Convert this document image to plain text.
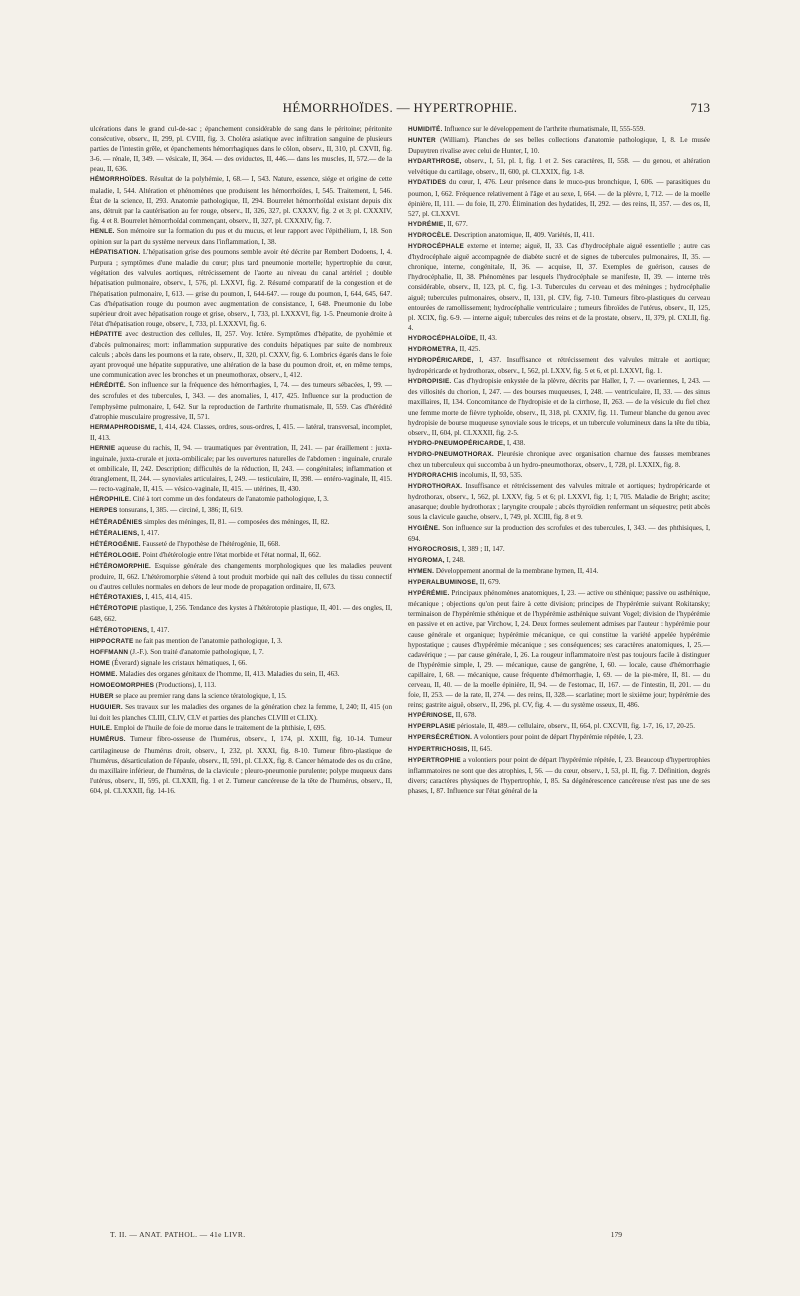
HÉMORRHOÏDES. — HYPERTROPHIE.	713

ulcérations dans le grand cul-de-sac ; épanchement considérable de sang dans le péritoine; péritonite consécutive, observ., II, 299, pl. CVIII, fig. 3. Choléra asiatique avec infiltration sanguine de plusieurs parties de l'intestin grêle, et épanchements hémorrhagiques dans le côlon, observ., II, 310, pl. CXVII, fig. 3-6. — rénale, II, 349. — vésicale, II, 364. — des oviductes, II, 446.— dans les muscles, II, 572.— de la peau, II, 636.

HÉMORRHOÏDES. Résultat de la polyhémie, I, 68.— I, 543. Nature, essence, siége et origine de cette maladie, I, 544. Altération et phénomènes que produisent les hémorrhoïdes, I, 545. Traitement, I, 546. État de la science, II, 293. Anatomie pathologique, II, 294. Bourrelet hémorrhoïdal existant depuis dix ans, détruit par la cautérisation au fer rouge, observ., II, 326, 327, pl. CXXXV, fig. 2 et 3; pl. CXXXIV, fig. 4 et 8. Bourrelet hémorrhoïdal commençant, observ., II, 327, pl. CXXXIV, fig. 7.

HENLE. Son mémoire sur la formation du pus et du mucus, et leur rapport avec l'épithélium, I, 18. Son opinion sur la part du système nerveux dans l'inflammation, I, 38.

HÉPATISATION. L'hépatisation grise des poumons semble avoir été décrite par Rembert Dodoens, I, 4. Purpura ; symptômes d'une maladie du cœur; plus tard pneumonie mortelle; hypertrophie du cœur, végétation des valvules aortiques, rétrécissement de l'aorte au niveau du canal artériel ; double hépatisation pulmonaire, observ., I, 576, pl. LXXVI, fig. 2. Résumé comparatif de la congestion et de l'hépatisation pulmonaire, I, 613. — grise du poumon, I, 644-647. — rouge du poumon, I, 644, 645, 647. Cas d'hépatisation rouge du poumon avec augmentation de consistance, I, 648. Pneumonie du lobe supérieur droit avec hépatisation rouge et grise, observ., I, 733, pl. LXXXVI, fig. 1-5. Pneumonie droite à l'état d'hépatisation rouge, observ., I, 733, pl. LXXXVI, fig. 6.

HÉPATITE avec destruction des cellules, II, 257. Voy. Ictère. Symptômes d'hépatite, de pyohémie et d'abcès pulmonaires; mort: inflammation suppurative des conduits hépatiques par suite de nombreux calculs ; abcès dans les poumons et la rate, observ., II, 320, pl. CXXV, fig. 6. Lombrics égarés dans le foie ayant provoqué une hépatite suppurative, une altération de la base du poumon droit, et, en même temps, une communication avec les bronches et un pneumothorax, observ., I, 412.

HÉRÉDITÉ. Son influence sur la fréquence des hémorrhagies, I, 74. — des tumeurs sébacées, I, 99. — des scrofules et des tubercules, I, 343. — des anomalies, I, 417, 425. Influence sur la production de l'emphysème pulmonaire, I, 642. Sur la reproduction de l'arthrite rhumatismale, II, 559. Cas d'hérédité d'atrophie musculaire progressive, II, 571.

HERMAPHRODISME, I, 414, 424. Classes, ordres, sous-ordres, I, 415. — latéral, transversal, incomplet, II, 413.

HERNIE aqueuse du rachis, II, 94. — traumatiques par éventration, II, 241. — par éraillement : juxta-inguinale, juxta-crurale et juxta-ombilicale; par les ouvertures naturelles de l'abdomen : inguinale, crurale et ombilicale, II, 242. Description; difficultés de la réduction, II, 243. — congénitales; inflammation et étranglement, II, 244. — synoviales articulaires, I, 249. — testiculaire, II, 398. — entéro-vaginale, II, 415. — recto-vaginale, II, 415. — vésico-vaginale, II, 415. — utérines, II, 430.

HÉROPHILE. Cité à tort comme un des fondateurs de l'anatomie pathologique, I, 3.

HERPES tonsurans, I, 385. — circiné, I, 386; II, 619.

HÉTÉRADÉNIES simples des méninges, II, 81. — composées des méninges, II, 82.

HÉTÉRALIENS, I, 417.

HÉTÉROGÉNIE. Fausseté de l'hypothèse de l'hétérogénie, II, 668.

HÉTÉROLOGIE. Point d'hétérologie entre l'état morbide et l'état normal, II, 662.

HÉTÉROMORPHIE. Esquisse générale des changements morphologiques que les maladies peuvent produire, II, 662. L'hétéromorphie s'étend à tout produit morbide qui naît des cellules du tissu connectif ou d'autres cellules normales en dehors de leur mode de propagation ordinaire, II, 673.

HÉTÉROTAXIES, I, 415, 414, 415.

HÉTÉROTOPIE plastique, I, 256. Tendance des kystes à l'hétérotopie plastique, II, 401. — des ongles, II, 648, 662.

HÉTÉROTOPIENS, I, 417.

HIPPOCRATE ne fait pas mention de l'anatomie pathologique, I, 3.

HOFFMANN (J.-F.). Son traité d'anatomie pathologique, I, 7.

HOME (Éverard) signale les cristaux hématiques, I, 66.

HOMME. Maladies des organes génitaux de l'homme, II, 413. Maladies du sein, II, 463.

HOMOEOMORPHES (Productions), I, 113.

HUBER se place au premier rang dans la science tératologique, I, 15.

HUGUIER. Ses travaux sur les maladies des organes de la génération chez la femme, I, 240; II, 415 (on lui doit les planches CLIII, CLIV, CLV et parties des planches CLVIII et CLIX).

HUILE. Emploi de l'huile de foie de morue dans le traitement de la phthisie, I, 695.

HUMÉRUS. Tumeur fibro-osseuse de l'humérus, observ., I, 174, pl. XXIII, fig. 10-14. Tumeur cartilagineuse de l'humérus droit, observ., I, 232, pl. XXXI, fig. 8-10. Tumeur fibro-plastique de l'humérus, désarticulation de l'épaule, observ., II, 591, pl. CLXX, fig. 8. Cancer hématode des os du crâne, du maxillaire inférieur, de l'humérus, de la clavicule ; pleuro-pneumonie purulente; polype muqueux dans l'utérus, observ., II, 595, pl. CLXXII, fig. 1 et 2. Tumeur cancéreuse de la tête de l'humérus, observ., II, 604, pl. CLXXXII, fig. 14-16.

HUMIDITÉ. Influence sur le développement de l'arthrite rhumatismale, II, 555-559.

HUNTER (William). Planches de ses belles collections d'anatomie pathologique, I, 8. Le musée Dupuytren rivalise avec celui de Hunter, I, 10.

HYDARTHROSE, observ., I, 51, pl. I, fig. 1 et 2. Ses caractères, II, 558. — du genou, et altération velvétique du cartilage, observ., II, 600, pl. CLXXIX, fig. 1-8.

HYDATIDES du cœur, I, 476. Leur présence dans le muco-pus bronchique, I, 606. — parasitiques du poumon, I, 662. Fréquence relativement à l'âge et au sexe, I, 664. — de la plèvre, I, 712. — de la moelle épinière, II, 111. — du foie, II, 270. Élimination des hydatides, II, 292. — des reins, II, 357. — des os, II, 527, pl. CLXXVI.

HYDRÉMIE, II, 677.

HYDROCÈLE. Description anatomique, II, 409. Variétés, II, 411.

HYDROCÉPHALE externe et interne; aiguë, II, 33. Cas d'hydrocéphale aiguë essentielle ; autre cas d'hydrocéphale aiguë accompagnée de diabète sucré et de signes de tubercules pulmonaires, II, 35. — chronique, interne, congénitale, II, 36. — acquise, II, 37. Exemples de guérison, causes de l'hydrocéphalie, II, 38. Phénomènes par lesquels l'hydrocéphale se manifeste, II, 39. — interne très considérable, observ., II, 123, pl. C, fig. 1-3. Tubercules du cerveau et des méninges ; hydrocéphalie aiguë; tubercules pulmonaires, observ., II, 131, pl. CIV, fig. 7-10. Tumeurs fibro-plastiques du cerveau entourées de ramollissement; hydrocéphalie ventriculaire ; tumeurs fibroïdes de l'utérus, observ., II, 125, pl. XCIX, fig. 6-9. — interne aiguë; tubercules des reins et de la prostate, observ., II, 379, pl. CXLII, fig. 4.

HYDROCÉPHALOÏDE, II, 43.

HYDROMETRA, II, 425.

HYDROPÉRICARDE, I, 437. Insuffisance et rétrécissement des valvules mitrale et aortique; hydropéricarde et hydrothorax, observ., I, 562, pl. LXXV, fig. 5 et 6, et pl. LXXVI, fig. 1.

HYDROPISIE. Cas d'hydropisie enkystée de la plèvre, décrits par Haller, I, 7. — ovariennes, I, 243. — des villosités du chorion, I, 247. — des bourses muqueuses, I, 248. — ventriculaire, II, 33. — des sinus maxillaires, II, 134. Concomitance de l'hydropisie et de la cirrhose, II, 263. — de la vésicule du fiel chez une femme morte de fièvre typhoïde, observ., II, 318, pl. CXXIV, fig. 11. Tumeur blanche du genou avec hydropisie de bourse muqueuse synoviale sous le triceps, et un tubercule volumineux dans la tête du tibia, observ., II, 604, pl. CLXXXII, fig. 2-5.

HYDRO-PNEUMOPÉRICARDE, I, 438.

HYDRO-PNEUMOTHORAX. Pleurésie chronique avec organisation charnue des fausses membranes chez un tuberculeux qui succomba à un hydro-pneumothorax, observ., I, 728, pl. LXXIX, fig. 8.

HYDRORACHIS incolumis, II, 93, 535.

HYDROTHORAX. Insuffisance et rétrécissement des valvules mitrale et aortiques; hydropéricarde et hydrothorax, observ., I, 562, pl. LXXV, fig. 5 et 6; pl. LXXVI, fig. 1; I, 705. Maladie de Bright; ascite; anasarque; double hydrothorax ; laryngite croupale ; abcès thyroïdien renfermant un séquestre; petit abcès sous la clavicule gauche, observ., I, 749, pl. XCIII, fig. 8 et 9.

HYGIÈNE. Son influence sur la production des scrofules et des tubercules, I, 343. — des phthisiques, I, 694.

HYGROCROSIS, I, 389 ; II, 147.

HYGROMA, I, 248.

HYMEN. Développement anormal de la membrane hymen, II, 414.

HYPERALBUMINOSE, II, 679.

HYPÉRÉMIE. Principaux phénomènes anatomiques, I, 23. — active ou sthénique; passive ou asthénique, mécanique ; objections qu'on peut faire à cette division; principes de l'hypérémie suivant Rokitansky; terminaison de l'hypérémie sthénique et de l'hypérémie asthénique suivant Vogel; division de l'hypérémie en passive et en active, par Virchow, I, 24. Deux formes seulement admises par l'auteur : hypérémie pour cause générale et organique; hypérémie mécanique, ce qui constitue la variété appelée hypérémie hypostatique ; causes d'hypérémie mécanique ; ses conséquences; ses caractères anatomiques, I, 25.— cadavérique ; — par cause générale, I, 26. La rougeur inflammatoire n'est pas toujours facile à distinguer de l'hypérémie simple, I, 29. — mécanique, cause de gangrène, I, 60. — locale, cause d'hémorrhagie capillaire, I, 68. — mécanique, cause fréquente d'hémorrhagie, I, 69. — de la pie-mère, II, 81. — du cerveau, II, 40. — de la moelle épinière, II, 94. — de l'estomac, II, 167. — de l'intestin, II, 201. — du foie, II, 253. — de la rate, II, 274. — des reins, II, 328.— scarlatine; mort le sixième jour; hypérémie des reins; gastrite aiguë, observ., II, 296, pl. CV, fig. 4. — du système osseux, II, 486.

HYPÉRINOSE, II, 678.

HYPERPLASIE périostale, II, 489.— cellulaire, observ., II, 664, pl. CXCVII, fig. 1-7, 16, 17, 20-25.

HYPERSÉCRÉTION. A volontiers pour point de départ l'hypérémie répétée, I, 23.

HYPERTRICHOSIS, II, 645.

HYPERTROPHIE a volontiers pour point de départ l'hypérémie répétée, I, 23. Beaucoup d'hypertrophies inflammatoires ne sont que des atrophies, I, 56. — du cœur, observ., I, 53, pl. II, fig. 7. Définition, degrés divers; caractères physiques de l'hypertrophie, I, 85. Sa dégénérescence cancéreuse n'est pas une de ses phases, I, 87. Influence sur l'état général de la

T. II. — ANAT. PATHOL. — 41e LIVR.	179
